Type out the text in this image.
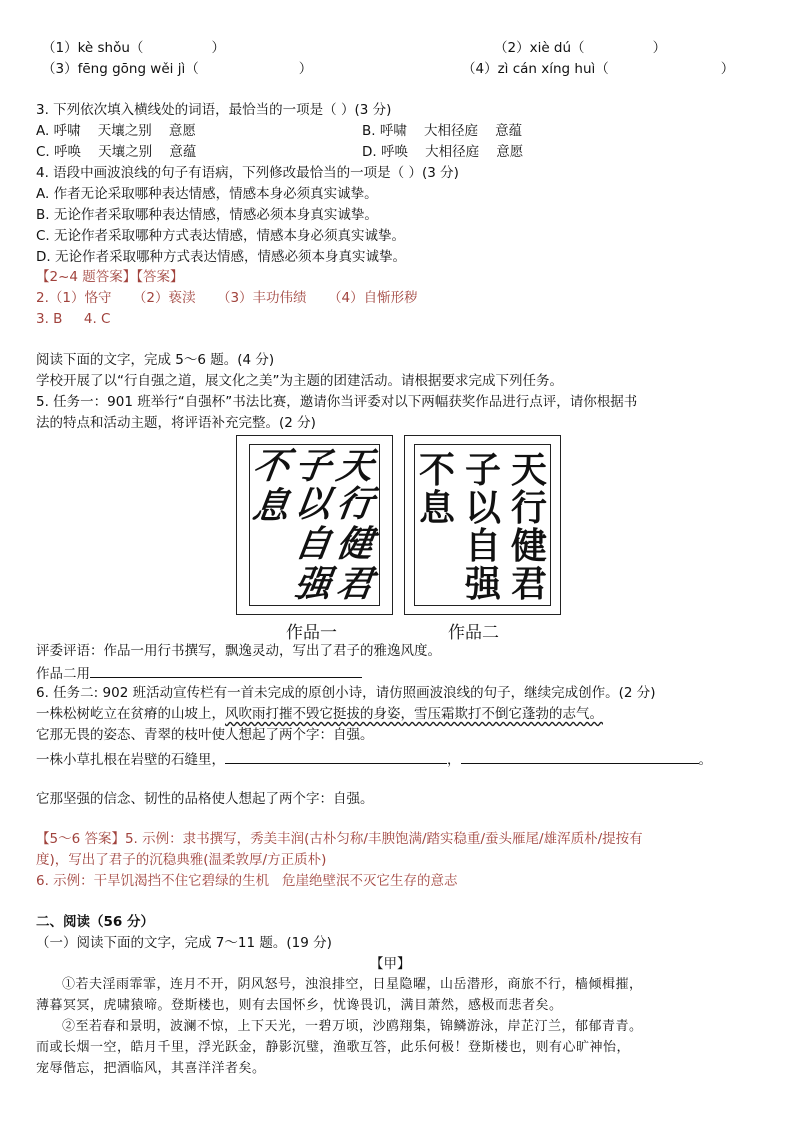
（1）kè shǒu（	）	（2）xiè dú（	）
（3）fēng gōng wěi jì（	）	（4）zì cán xíng huì（	）
3. 下列依次填入横线处的词语，最恰当的一项是（ ）(3 分)
A. 呼啸    天壤之别    意愿	B. 呼啸    大相径庭    意蕴
C. 呼唤    天壤之别    意蕴	D. 呼唤    大相径庭    意愿
4. 语段中画波浪线的句子有语病，下列修改最恰当的一项是（ ）(3 分)
A. 作者无论采取哪种表达情感，情感本身必须真实诚挚。
B. 无论作者采取哪种表达情感，情感必须本身真实诚挚。
C. 无论作者采取哪种方式表达情感，情感本身必须真实诚挚。
D. 无论作者采取哪种方式表达情感，情感必须本身真实诚挚。
【2~4 题答案】【答案】
2.（1）恪守     （2）亵渎     （3）丰功伟绩     （4）自惭形秽
3. B     4. C
阅读下面的文字，完成 5～6 题。(4 分)
学校开展了以“行自强之道，展文化之美”为主题的团建活动。请根据要求完成下列任务。
5. 任务一：901 班举行“自强杯”书法比赛，邀请你当评委对以下两幅获奖作品进行点评，请你根据书
法的特点和活动主题，将评语补充完整。(2 分)
天
行
健
君
子
以
自
强
不
息
天
行
健
君
子
以
自
强
不
息
作品一	作品二
评委评语：作品一用行书撰写，飘逸灵动，写出了君子的雅逸风度。
作品二用
6. 任务二: 902 班活动宣传栏有一首未完成的原创小诗，请仿照画波浪线的句子，继续完成创作。(2 分)
一株松树屹立在贫瘠的山坡上，风吹雨打摧不毁它挺拔的身姿，雪压霜欺打不倒它蓬勃的志气。
它那无畏的姿态、青翠的枝叶使人想起了两个字：自强。
一株小草扎根在岩壁的石缝里，	，	。
它那坚强的信念、韧性的品格使人想起了两个字：自强。
【5～6 答案】5. 示例：隶书撰写，秀美丰润(古朴匀称/丰腴饱满/踏实稳重/蚕头雁尾/雄浑质朴/提按有
度)，写出了君子的沉稳典雅(温柔敦厚/方正质朴)
6. 示例：干旱饥渴挡不住它碧绿的生机   危崖绝壁泯不灭它生存的意志
二、阅读（56 分）
（一）阅读下面的文字，完成 7～11 题。(19 分)
【甲】
①若夫淫雨霏霏，连月不开，阴风怒号，浊浪排空，日星隐曜，山岳潜形，商旅不行，樯倾楫摧，
薄暮冥冥，虎啸猿啼。登斯楼也，则有去国怀乡，忧谗畏讥，满目萧然，感极而悲者矣。
②至若春和景明，波澜不惊，上下天光，一碧万顷，沙鸥翔集，锦鳞游泳，岸芷汀兰，郁郁青青。
而或长烟一空，皓月千里，浮光跃金，静影沉璧，渔歌互答，此乐何极！登斯楼也，则有心旷神怡，
宠辱偕忘，把酒临风，其喜洋洋者矣。
